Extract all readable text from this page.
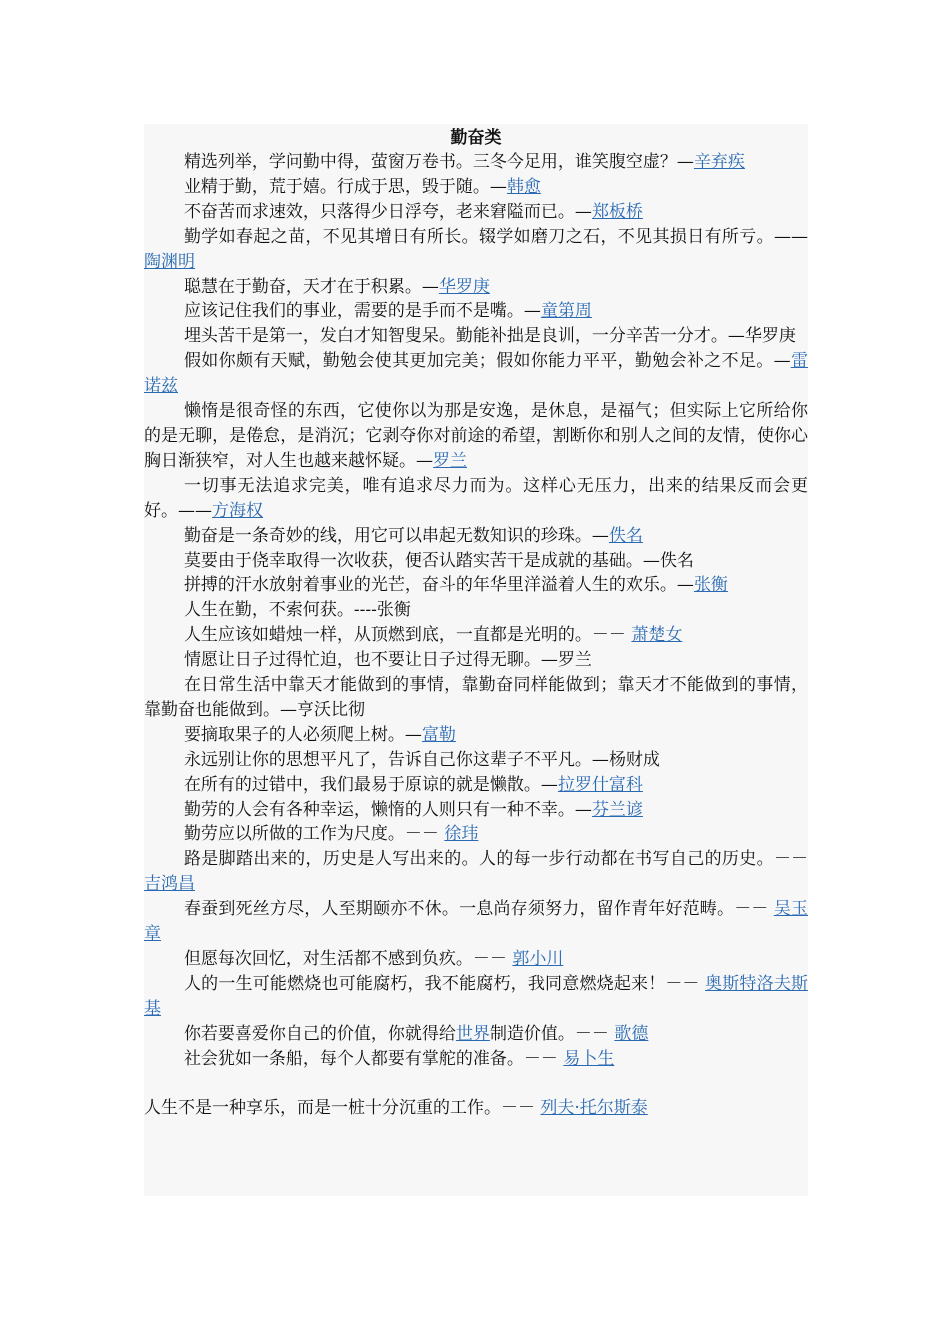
勤奋类

精选列举，学问勤中得，萤窗万卷书。三冬今足用，谁笑腹空虚？—辛弃疾

业精于勤，荒于嬉。行成于思，毁于随。—韩愈

不奋苦而求速效，只落得少日浮夸，老来窘隘而已。—郑板桥

勤学如春起之苗，不见其增日有所长。辍学如磨刀之石，不见其损日有所亏。——陶渊明

聪慧在于勤奋，天才在于积累。—华罗庚

应该记住我们的事业，需要的是手而不是嘴。—童第周

埋头苦干是第一，发白才知智叟呆。勤能补拙是良训，一分辛苦一分才。—华罗庚

假如你颇有天赋，勤勉会使其更加完美；假如你能力平平，勤勉会补之不足。—雷诺兹

懒惰是很奇怪的东西，它使你以为那是安逸，是休息，是福气；但实际上它所给你的是无聊，是倦怠，是消沉；它剥夺你对前途的希望，割断你和别人之间的友情，使你心胸日渐狭窄，对人生也越来越怀疑。—罗兰

一切事无法追求完美，唯有追求尽力而为。这样心无压力，出来的结果反而会更好。——方海权

勤奋是一条奇妙的线，用它可以串起无数知识的珍珠。—佚名

莫要由于侥幸取得一次收获，便否认踏实苦干是成就的基础。—佚名

拼搏的汗水放射着事业的光芒，奋斗的年华里洋溢着人生的欢乐。—张衡

人生在勤，不索何获。----张衡

人生应该如蜡烛一样，从顶燃到底，一直都是光明的。－－ 萧楚女

情愿让日子过得忙迫，也不要让日子过得无聊。—罗兰

在日常生活中靠天才能做到的事情，靠勤奋同样能做到；靠天才不能做到的事情，靠勤奋也能做到。—亨沃比彻

要摘取果子的人必须爬上树。—富勒

永远别让你的思想平凡了，告诉自己你这辈子不平凡。—杨财成

在所有的过错中，我们最易于原谅的就是懒散。—拉罗什富科

勤劳的人会有各种幸运，懒惰的人则只有一种不幸。—芬兰谚

勤劳应以所做的工作为尺度。－－ 徐玮

路是脚踏出来的，历史是人写出来的。人的每一步行动都在书写自己的历史。－－ 吉鸿昌

春蚕到死丝方尽，人至期颐亦不休。一息尚存须努力，留作青年好范畴。－－ 吴玉章

但愿每次回忆，对生活都不感到负疚。－－ 郭小川

人的一生可能燃烧也可能腐朽，我不能腐朽，我同意燃烧起来！－－ 奥斯特洛夫斯基

你若要喜爱你自己的价值，你就得给世界制造价值。－－ 歌德

社会犹如一条船，每个人都要有掌舵的准备。－－ 易卜生

人生不是一种享乐，而是一桩十分沉重的工作。－－ 列夫·托尔斯泰
